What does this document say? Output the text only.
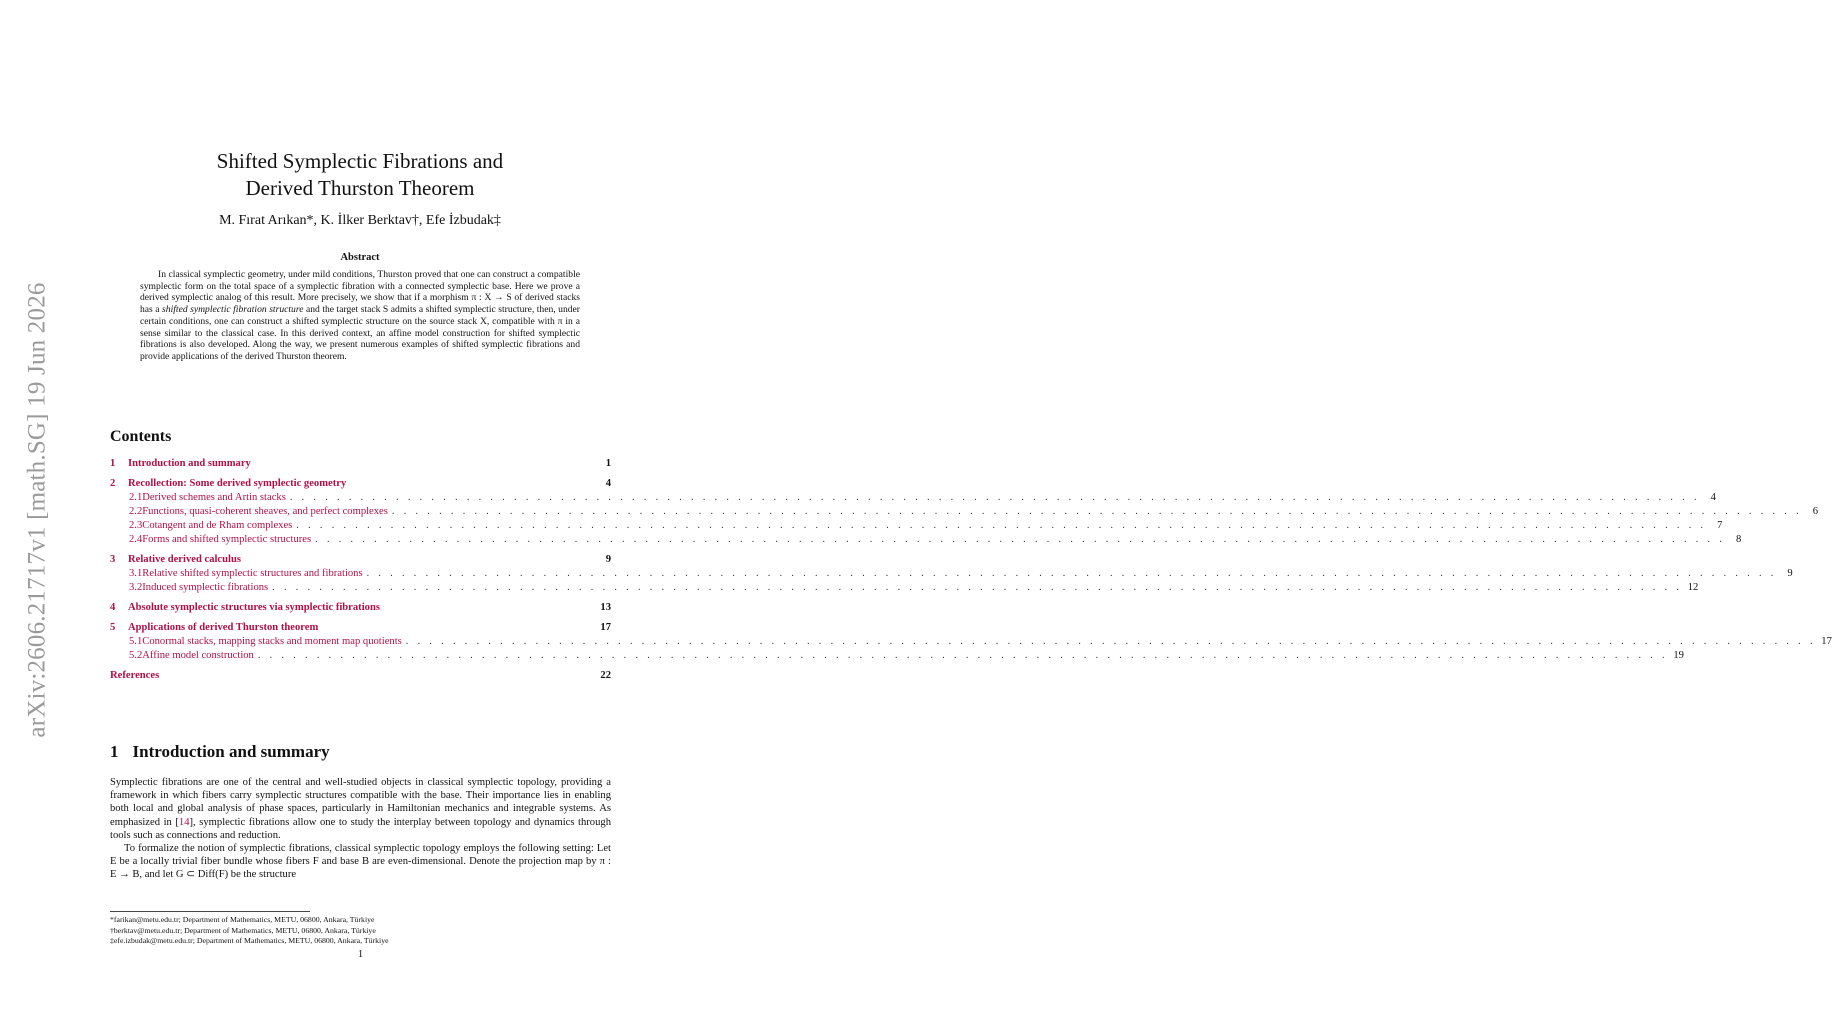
arXiv:2606.21717v1 [math.SG] 19 Jun 2026
Shifted Symplectic Fibrations and
Derived Thurston Theorem
M. Fırat Arıkan*, K. İlker Berktav†, Efe İzbudak‡
Abstract

In classical symplectic geometry, under mild conditions, Thurston proved that one can construct a compatible symplectic form on the total space of a symplectic fibration with a connected symplectic base. Here we prove a derived symplectic analog of this result. More precisely, we show that if a morphism π : X → S of derived stacks has a shifted symplectic fibration structure and the target stack S admits a shifted symplectic structure, then, under certain conditions, one can construct a shifted symplectic structure on the source stack X, compatible with π in a sense similar to the classical case. In this derived context, an affine model construction for shifted symplectic fibrations is also developed. Along the way, we present numerous examples of shifted symplectic fibrations and provide applications of the derived Thurston theorem.

Contents
1	Introduction and summary	1
2	Recollection: Some derived symplectic geometry	4
2.1 Derived schemes and Artin stacks . . . . . . . . . . . . . . . . . . . . . . . . . . . . . . . . . . . . . . . . . . . . . . . . . . . . . . . . . . . . . . . . . . . . . . . . . . . . . . . . . . . . . . . . . . . . . . . . . . . . . . . . . . . . . . . . . . . . . . . .	4
2.2 Functions, quasi-coherent sheaves, and perfect complexes . . . . . . . . . . . . . . . . . . . . . . . . . . . . . . . . . . . . . . . . . . . . . . . . . . . . . . . . . . . . . . . . . . . . . . . . . . . . . . . . . . . . . . . . . . . . . . . . . . . . . . . . . . . . . . . . . . . . . . . .	6
2.3 Cotangent and de Rham complexes . . . . . . . . . . . . . . . . . . . . . . . . . . . . . . . . . . . . . . . . . . . . . . . . . . . . . . . . . . . . . . . . . . . . . . . . . . . . . . . . . . . . . . . . . . . . . . . . . . . . . . . . . . . . . . . . . . . . . . . .	7
2.4 Forms and shifted symplectic structures . . . . . . . . . . . . . . . . . . . . . . . . . . . . . . . . . . . . . . . . . . . . . . . . . . . . . . . . . . . . . . . . . . . . . . . . . . . . . . . . . . . . . . . . . . . . . . . . . . . . . . . . . . . . . . . . . . . . . . . .	8
3	Relative derived calculus	9
3.1 Relative shifted symplectic structures and fibrations . . . . . . . . . . . . . . . . . . . . . . . . . . . . . . . . . . . . . . . . . . . . . . . . . . . . . . . . . . . . . . . . . . . . . . . . . . . . . . . . . . . . . . . . . . . . . . . . . . . . . . . . . . . . . . . . . . . . . . . .	9
3.2 Induced symplectic fibrations . . . . . . . . . . . . . . . . . . . . . . . . . . . . . . . . . . . . . . . . . . . . . . . . . . . . . . . . . . . . . . . . . . . . . . . . . . . . . . . . . . . . . . . . . . . . . . . . . . . . . . . . . . . . . . . . . . . . . . . . 12
4	Absolute symplectic structures via symplectic fibrations	13
5	Applications of derived Thurston theorem	17
5.1 Conormal stacks, mapping stacks and moment map quotients . . . . . . . . . . . . . . . . . . . . . . . . . . . . . . . . . . . . . . . . . . . . . . . . . . . . . . . . . . . . . . . . . . . . . . . . . . . . . . . . . . . . . . . . . . . . . . . . . . . . . . . . . . . . . . . . . . . . . . . . 17
5.2 Affine model construction . . . . . . . . . . . . . . . . . . . . . . . . . . . . . . . . . . . . . . . . . . . . . . . . . . . . . . . . . . . . . . . . . . . . . . . . . . . . . . . . . . . . . . . . . . . . . . . . . . . . . . . . . . . . . . . . . . . . . . . . 19
References	22
1 Introduction and summary

Symplectic fibrations are one of the central and well-studied objects in classical symplectic topology, providing a framework in which fibers carry symplectic structures compatible with the base. Their importance lies in enabling both local and global analysis of phase spaces, particularly in Hamiltonian mechanics and integrable systems. As emphasized in [14], symplectic fibrations allow one to study the interplay between topology and dynamics through tools such as connections and reduction.

To formalize the notion of symplectic fibrations, classical symplectic topology employs the following setting: Let E be a locally trivial fiber bundle whose fibers F and base B are even-dimensional. Denote the projection map by π : E → B, and let G ⊂ Diff(F) be the structure

*farikan@metu.edu.tr; Department of Mathematics, METU, 06800, Ankara, Türkiye
†berktav@metu.edu.tr; Department of Mathematics, METU, 06800, Ankara, Türkiye
‡efe.izbudak@metu.edu.tr; Department of Mathematics, METU, 06800, Ankara, Türkiye
1
